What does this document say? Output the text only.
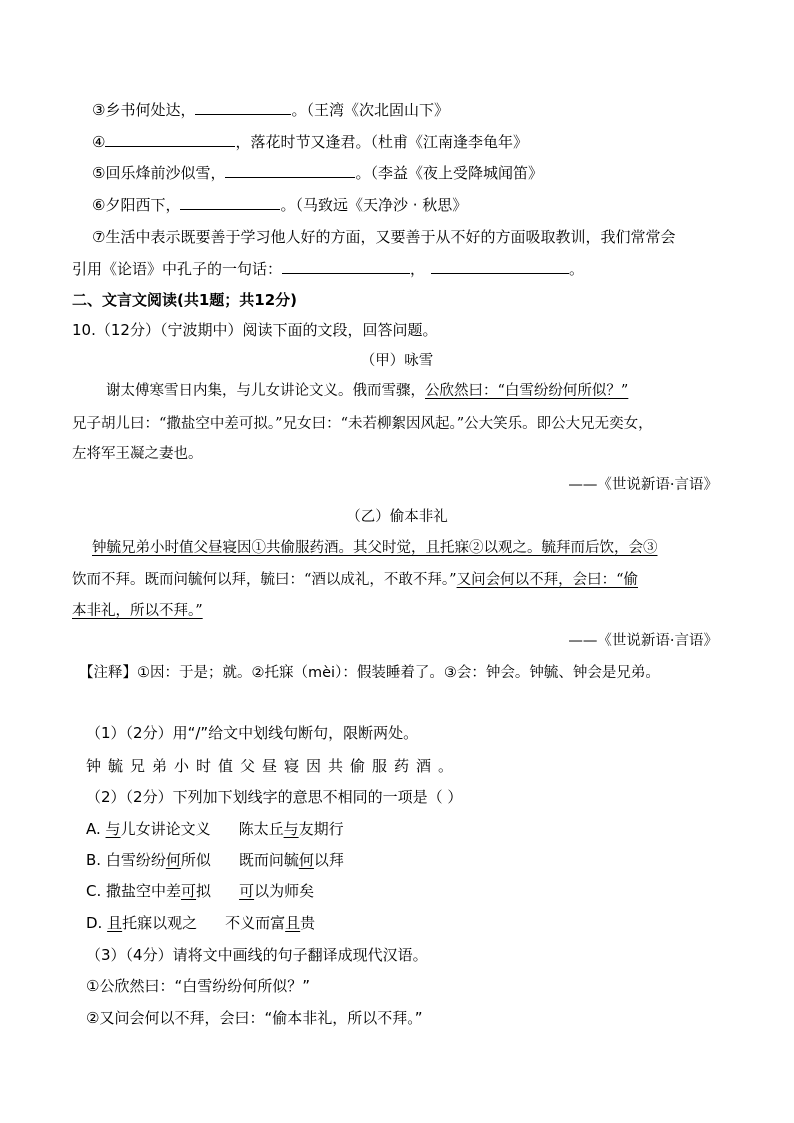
③乡书何处达，	。（王湾《次北固山下》
④	，落花时节又逢君。（杜甫《江南逢李龟年》
⑤回乐烽前沙似雪，	。（李益《夜上受降城闻笛》
⑥夕阳西下，	。（马致远《天净沙 · 秋思》
⑦生活中表示既要善于学习他人好的方面，又要善于从不好的方面吸取教训，我们常常会
引用《论语》中孔子的一句话：	，	。
二、文言文阅读(共1题；共12分)
10.（12分）（宁波期中）阅读下面的文段，回答问题。
（甲）咏雪
谢太傅寒雪日内集，与儿女讲论文义。俄而雪骤，公欣然曰：“白雪纷纷何所似？”
兄子胡儿曰：“撒盐空中差可拟。”兄女曰：“未若柳絮因风起。”公大笑乐。即公大兄无奕女，
左将军王凝之妻也。
——《世说新语·言语》
（乙）偷本非礼
钟毓兄弟小时值父昼寝因①共偷服药酒。其父时觉，且托寐②以观之。毓拜而后饮，会③
饮而不拜。既而问毓何以拜，毓曰：“酒以成礼，不敢不拜。”又问会何以不拜，会曰：“偷
本非礼，所以不拜。”
——《世说新语·言语》
【注释】①因：于是；就。②托寐（mèi）：假装睡着了。③会：钟会。钟毓、钟会是兄弟。
（1）（2分）用“/”给文中划线句断句，限断两处。
钟毓兄弟小时值父昼寝因共偷服药酒。
（2）（2分）下列加下划线字的意思不相同的一项是（ ）
A. 与儿女讲论文义 陈太丘与友期行
B. 白雪纷纷何所似 既而问毓何以拜
C. 撒盐空中差可拟 可以为师矣
D. 且托寐以观之 不义而富且贵
（3）（4分）请将文中画线的句子翻译成现代汉语。
①公欣然曰：“白雪纷纷何所似？”
②又问会何以不拜，会曰：“偷本非礼，所以不拜。”
